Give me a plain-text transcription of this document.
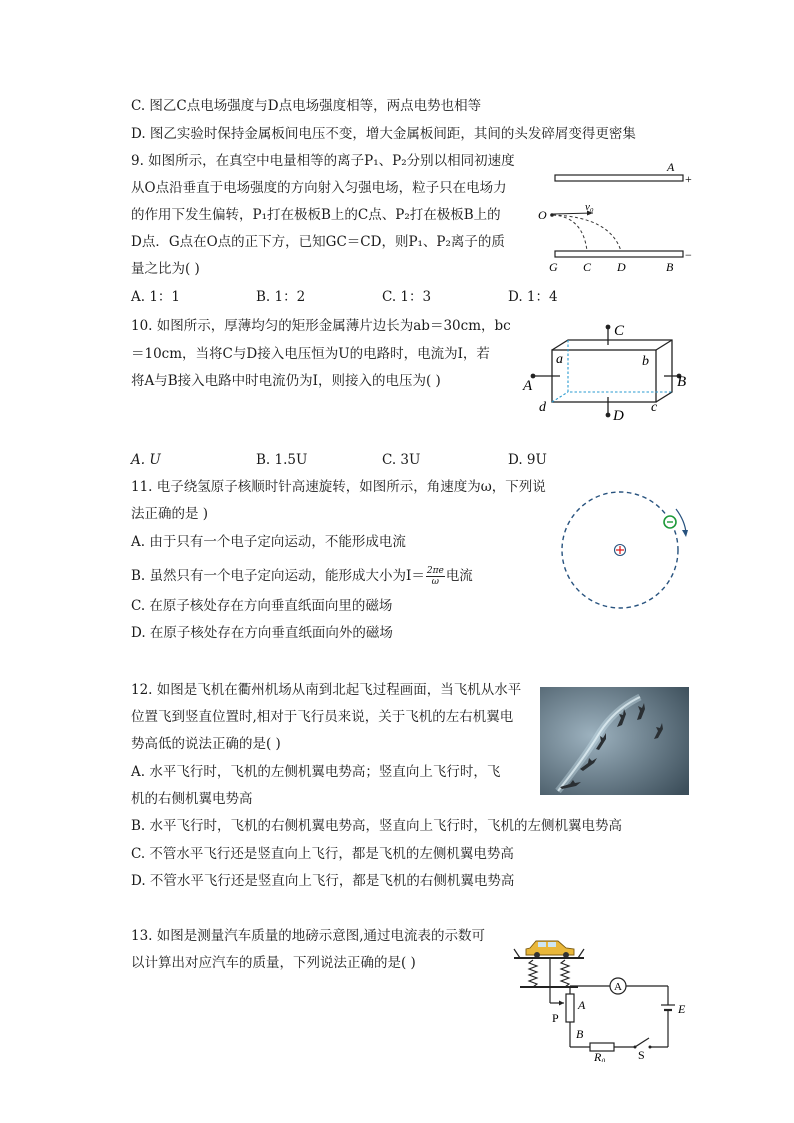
C. 图乙C点电场强度与D点电场强度相等，两点电势也相等
D. 图乙实验时保持金属板间电压不变，增大金属板间距，其间的头发碎屑变得更密集
9. 如图所示，在真空中电量相等的离子P₁、P₂分别以相同初速度
从O点沿垂直于电场强度的方向射入匀强电场，粒子只在电场力
的作用下发生偏转，P₁打在极板B上的C点、P₂打在极板B上的
D点．G点在O点的正下方，已知GC＝CD，则P₁、P₂离子的质
量之比为( )
A. 1：1	B. 1：2	C. 1：3	D. 1：4
A
+
−
O
v₀
G C D	B
10. 如图所示，厚薄均匀的矩形金属薄片边长为ab＝30cm，bc
＝10cm，当将C与D接入电压恒为U的电路时，电流为I，若
将A与B接入电路中时电流仍为I，则接入的电压为( )
A. U	B. 1.5U	C. 3U	D. 9U
C
a	b
A	B
d
D
c
11. 电子绕氢原子核顺时针高速旋转，如图所示，角速度为ω，下列说
法正确的是 )
A. 由于只有一个电子定向运动，不能形成电流
B. 虽然只有一个电子定向运动，能形成大小为$I= \frac{2\pi e}{\omega}$ 电流
C. 在原子核处存在方向垂直纸面向里的磁场
D. 在原子核处存在方向垂直纸面向外的磁场
12. 如图是飞机在衢州机场从南到北起飞过程画面，当飞机从水平
位置飞到竖直位置时,相对于飞行员来说，关于飞机的左右机翼电
势高低的说法正确的是( )
A. 水平飞行时，飞机的左侧机翼电势高；竖直向上飞行时，飞
机的右侧机翼电势高
B. 水平飞行时，飞机的右侧机翼电势高，竖直向上飞行时，飞机的左侧机翼电势高
C. 不管水平飞行还是竖直向上飞行，都是飞机的左侧机翼电势高
D. 不管水平飞行还是竖直向上飞行，都是飞机的右侧机翼电势高
13. 如图是测量汽车质量的地磅示意图,通过电流表的示数可
以计算出对应汽车的质量，下列说法正确的是( )
A
E
A
P
B
R₀	S
